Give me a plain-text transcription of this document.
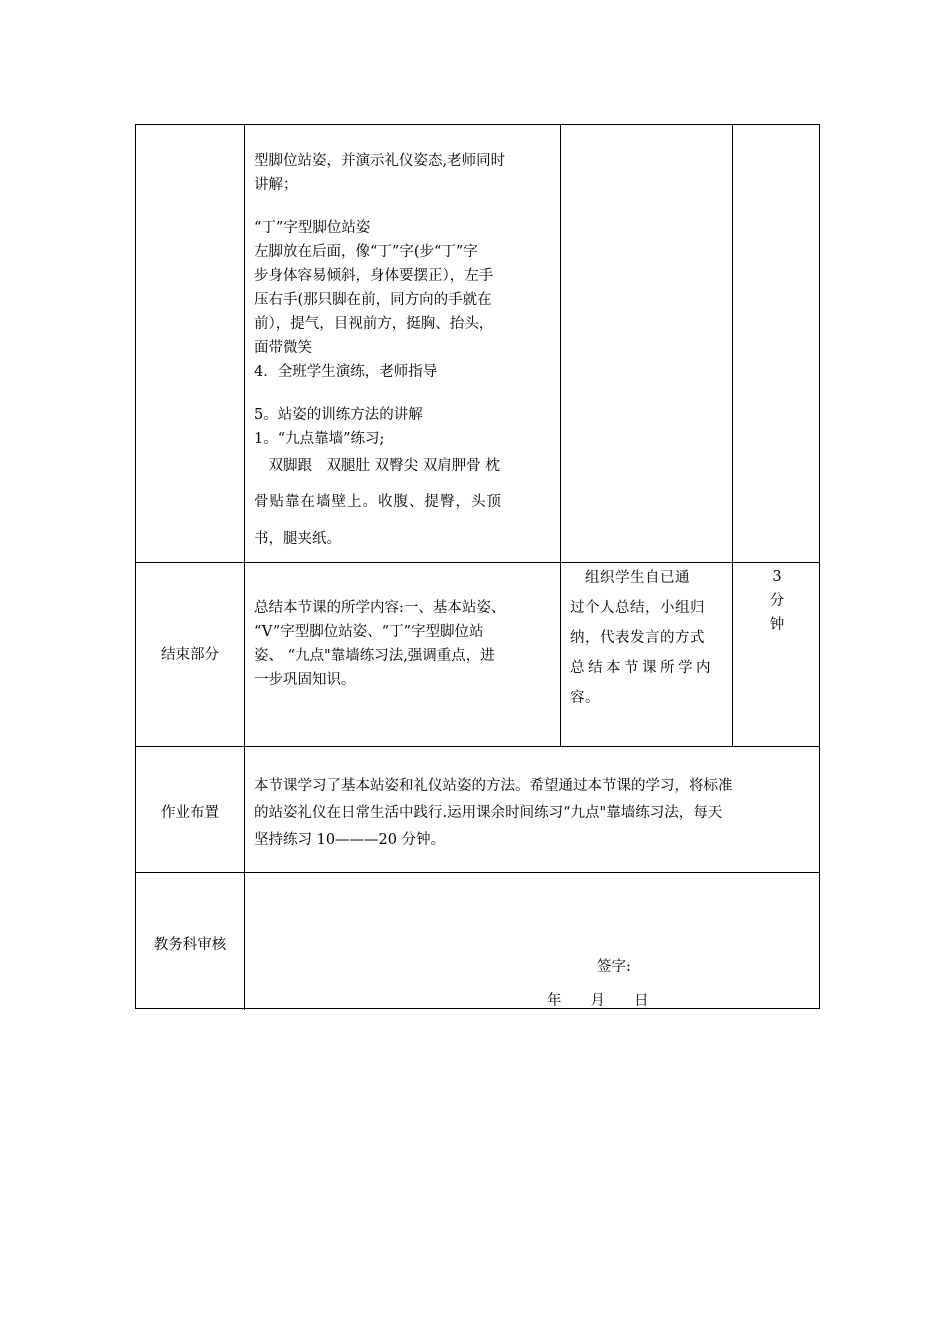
型脚位站姿，并演示礼仪姿态,老师同时
讲解；
“丁”字型脚位站姿
左脚放在后面，像“丁”字(步“丁”字
步身体容易倾斜，身体要摆正），左手
压右手(那只脚在前，同方向的手就在
前），提气，目视前方，挺胸、抬头，
面带微笑
4．全班学生演练，老师指导
5。站姿的训练方法的讲解
1。“九点靠墙”练习;
　双脚跟　双腿肚 双臀尖 双肩胛骨 枕
骨贴靠在墙壁上。收腹、提臀，头顶
书，腿夹纸。
结束部分
总结本节课的所学内容:一、基本站姿、
“V”字型脚位站姿、“丁”字型脚位站
姿、 “九点"靠墙练习法,强调重点，进
一步巩固知识。
　组织学生自已通
过个人总结，小组归
纳，代表发言的方式
总结本节课所学内
容。
3
分
钟
作业布置
本节课学习了基本站姿和礼仪站姿的方法。希望通过本节课的学习，将标准
的站姿礼仪在日常生活中践行.运用课余时间练习“九点"靠墙练习法，每天
坚持练习 10———20 分钟。
教务科审核
签字:
年　　月　　日
